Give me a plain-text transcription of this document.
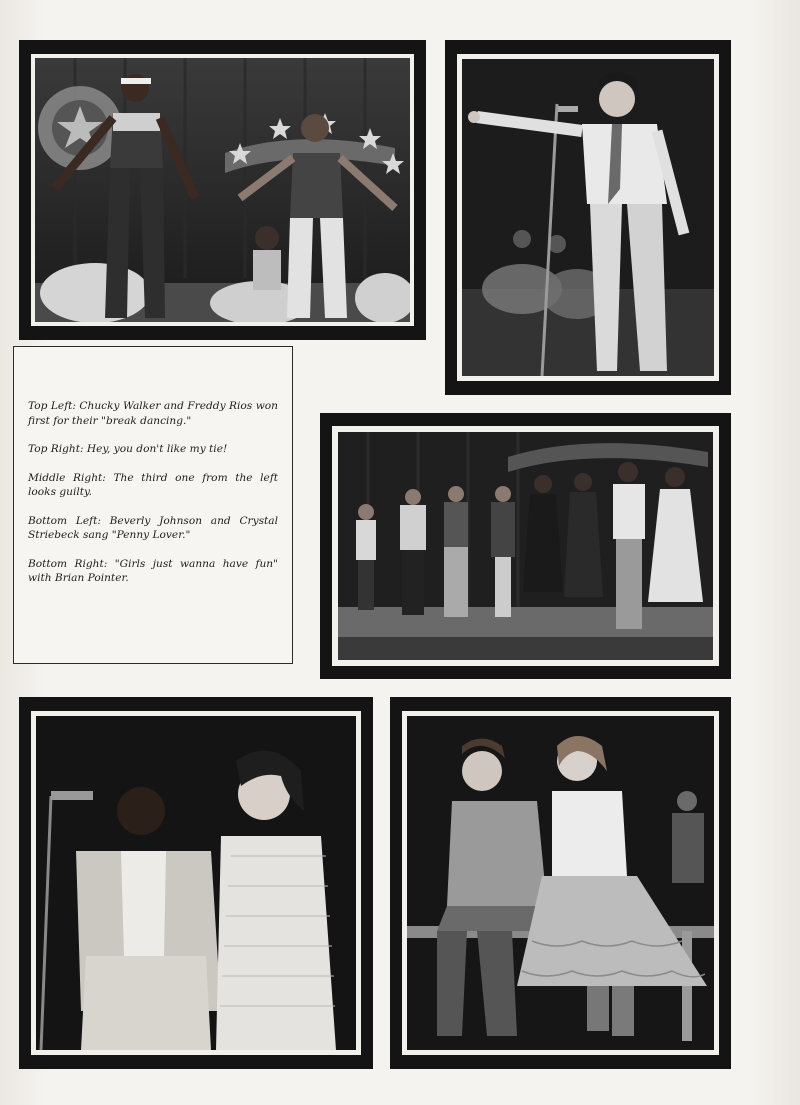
Top Left: Chucky Walker and Freddy Rios won first for their "break dancing."

Top Right: Hey, you don't like my tie!

Middle Right: The third one from the left looks guilty.

Bottom Left: Beverly Johnson and Crystal Striebeck sang "Penny Lover."

Bottom Right: "Girls just wanna have fun" with Brian Pointer.
